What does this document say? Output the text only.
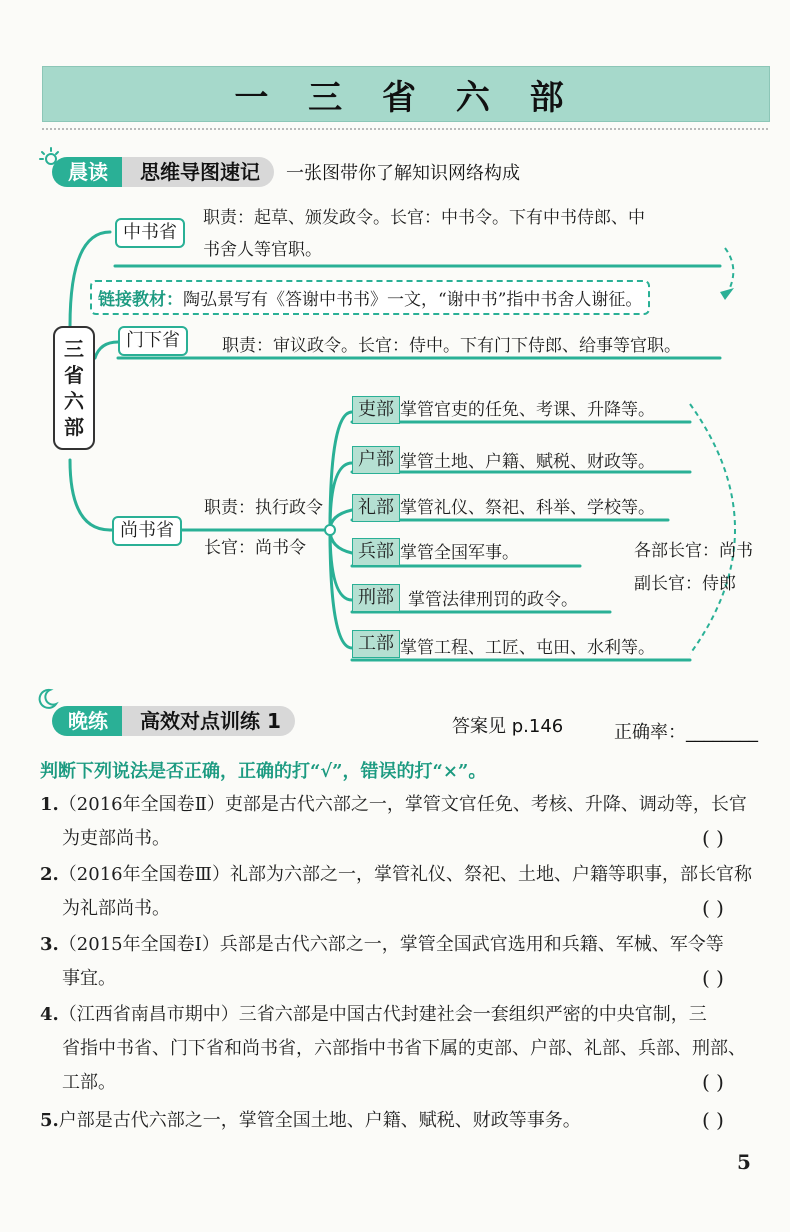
一 三 省 六 部
晨读	思维导图速记	一张图带你了解知识网络构成
三省六部
中书省
职责：起草、颁发政令。长官：中书令。下有中书侍郎、中
书舍人等官职。
链接教材：陶弘景写有《答谢中书书》一文，“谢中书”指中书舍人谢征。
门下省	职责：审议政令。长官：侍中。下有门下侍郎、给事等官职。
尚书省
职责：执行政令
长官：尚书令
吏部 掌管官吏的任免、考课、升降等。
户部 掌管土地、户籍、赋税、财政等。
礼部 掌管礼仪、祭祀、科举、学校等。
兵部 掌管全国军事。
刑部 掌管法律刑罚的政令。
工部 掌管工程、工匠、屯田、水利等。
各部长官：尚书
副长官：侍郎
晚练	高效对点训练 1	答案见 p.146	正确率：________
判断下列说法是否正确，正确的打“√”，错误的打“×”。
1.（2016年全国卷Ⅱ）吏部是古代六部之一，掌管文官任免、考核、升降、调动等，长官
为吏部尚书。	( )
2.（2016年全国卷Ⅲ）礼部为六部之一，掌管礼仪、祭祀、土地、户籍等职事，部长官称
为礼部尚书。	( )
3.（2015年全国卷Ⅰ）兵部是古代六部之一，掌管全国武官选用和兵籍、军械、军令等
事宜。	( )
4.（江西省南昌市期中）三省六部是中国古代封建社会一套组织严密的中央官制，三
省指中书省、门下省和尚书省，六部指中书省下属的吏部、户部、礼部、兵部、刑部、
工部。	( )
5.户部是古代六部之一，掌管全国土地、户籍、赋税、财政等事务。	( )
5
